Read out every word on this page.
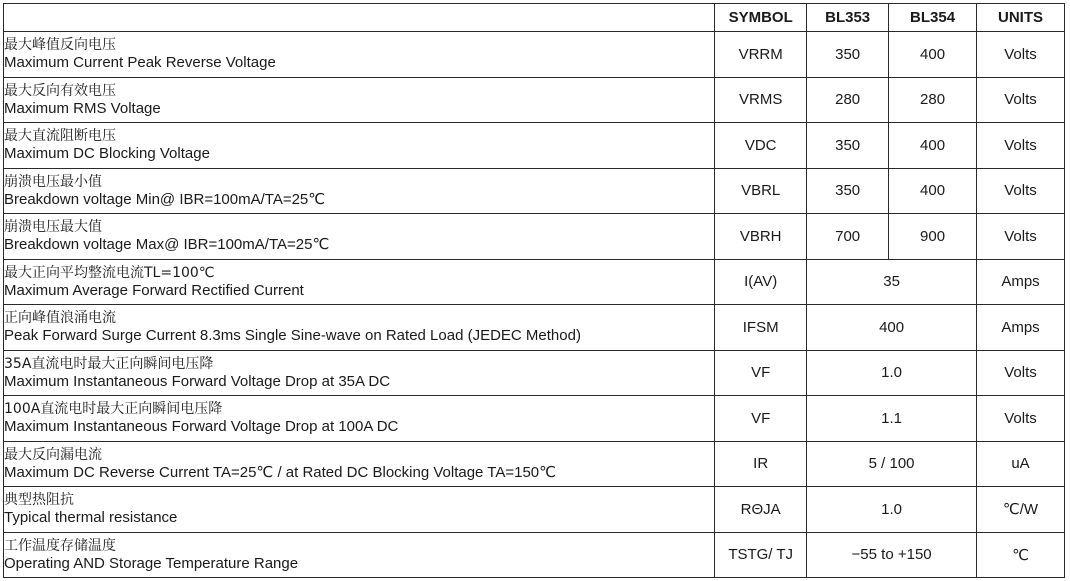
	SYMBOL	BL353	BL354	UNITS

最大峰值反向电压
Maximum Current Peak Reverse Voltage	VRRM	350	400	Volts

最大反向有效电压
Maximum RMS Voltage	VRMS	280	280	Volts

最大直流阻断电压
Maximum DC Blocking Voltage	VDC	350	400	Volts

崩溃电压最小值
Breakdown voltage Min@ IBR=100mA/TA=25℃	VBRL	350	400	Volts

崩溃电压最大值
Breakdown voltage Max@ IBR=100mA/TA=25℃	VBRH	700	900	Volts

最大正向平均整流电流TL=100℃
Maximum Average Forward Rectified Current	I(AV)	35		Amps

正向峰值浪涌电流
Peak Forward Surge Current 8.3ms Single Sine-wave on Rated Load (JEDEC Method)	IFSM	400		Amps

35A直流电时最大正向瞬间电压降
Maximum Instantaneous Forward Voltage Drop at 35A DC	VF	1.0		Volts

100A直流电时最大正向瞬间电压降
Maximum Instantaneous Forward Voltage Drop at 100A DC	VF	1.1		Volts

最大反向漏电流
Maximum DC Reverse Current TA=25℃ / at Rated DC Blocking Voltage TA=150℃	IR	5 / 100		uA

典型热阻抗
Typical thermal resistance	RΘJA	1.0		℃/W

工作温度存储温度
Operating AND Storage Temperature Range	TSTG/ TJ	−55 to +150		℃
